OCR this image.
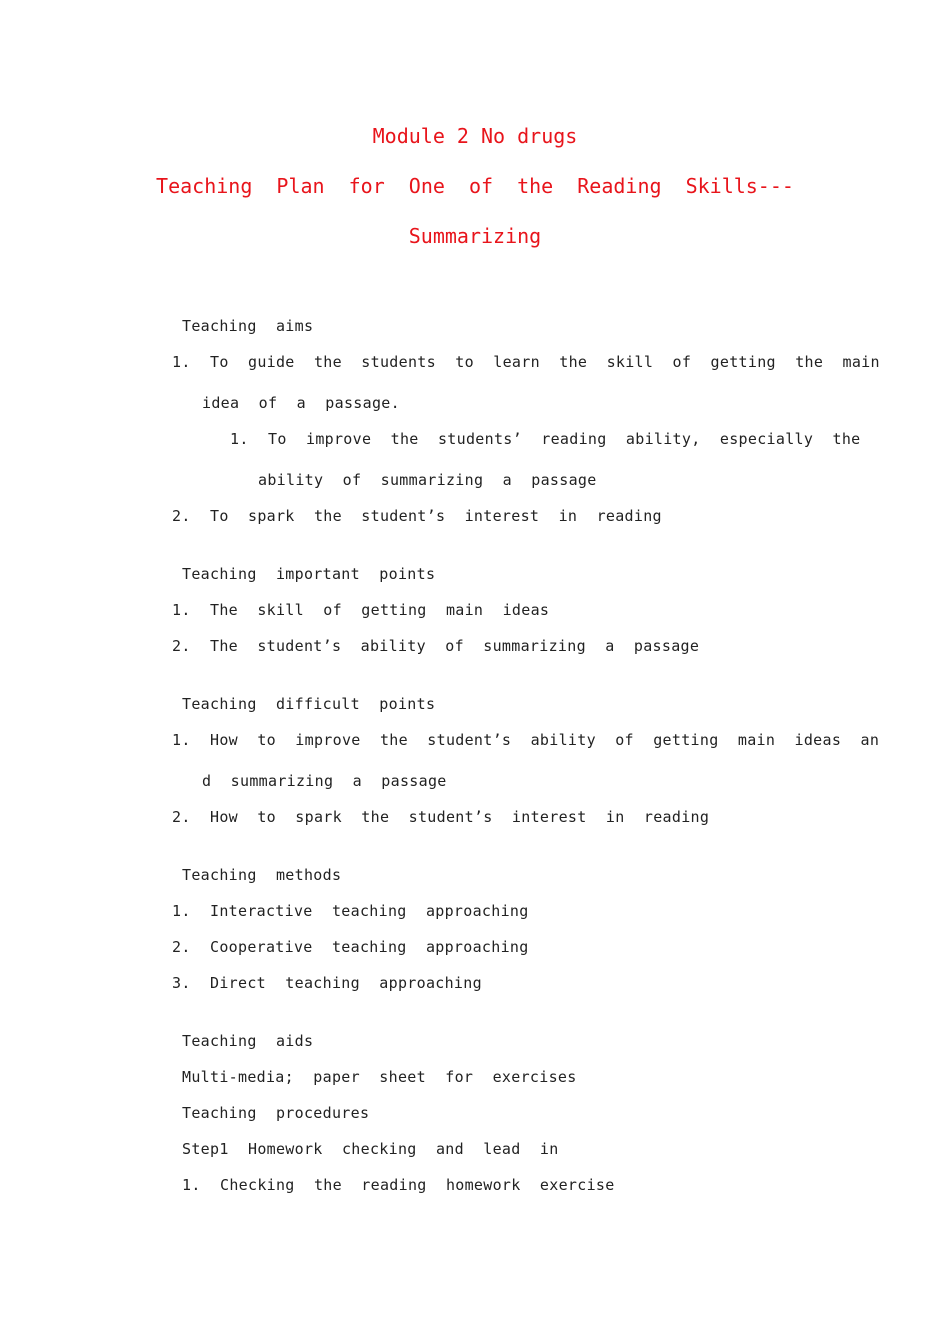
Module 2 No drugs
Teaching Plan for One of the Reading Skills---
Summarizing
Teaching aims
1. To guide the students to learn the skill of getting the main
idea of a passage.
1. To improve the students’ reading ability, especially the
ability of summarizing a passage
2. To spark the student’s interest in reading
Teaching important points
1. The skill of getting main ideas
2. The student’s ability of summarizing a passage
Teaching difficult points
1. How to improve the student’s ability of getting main ideas an
d summarizing a passage
2. How to spark the student’s interest in reading
Teaching methods
1. Interactive teaching approaching
2. Cooperative teaching approaching
3. Direct teaching approaching
Teaching aids
Multi-media; paper sheet for exercises
Teaching procedures
Step1 Homework checking and lead in
1. Checking the reading homework exercise
